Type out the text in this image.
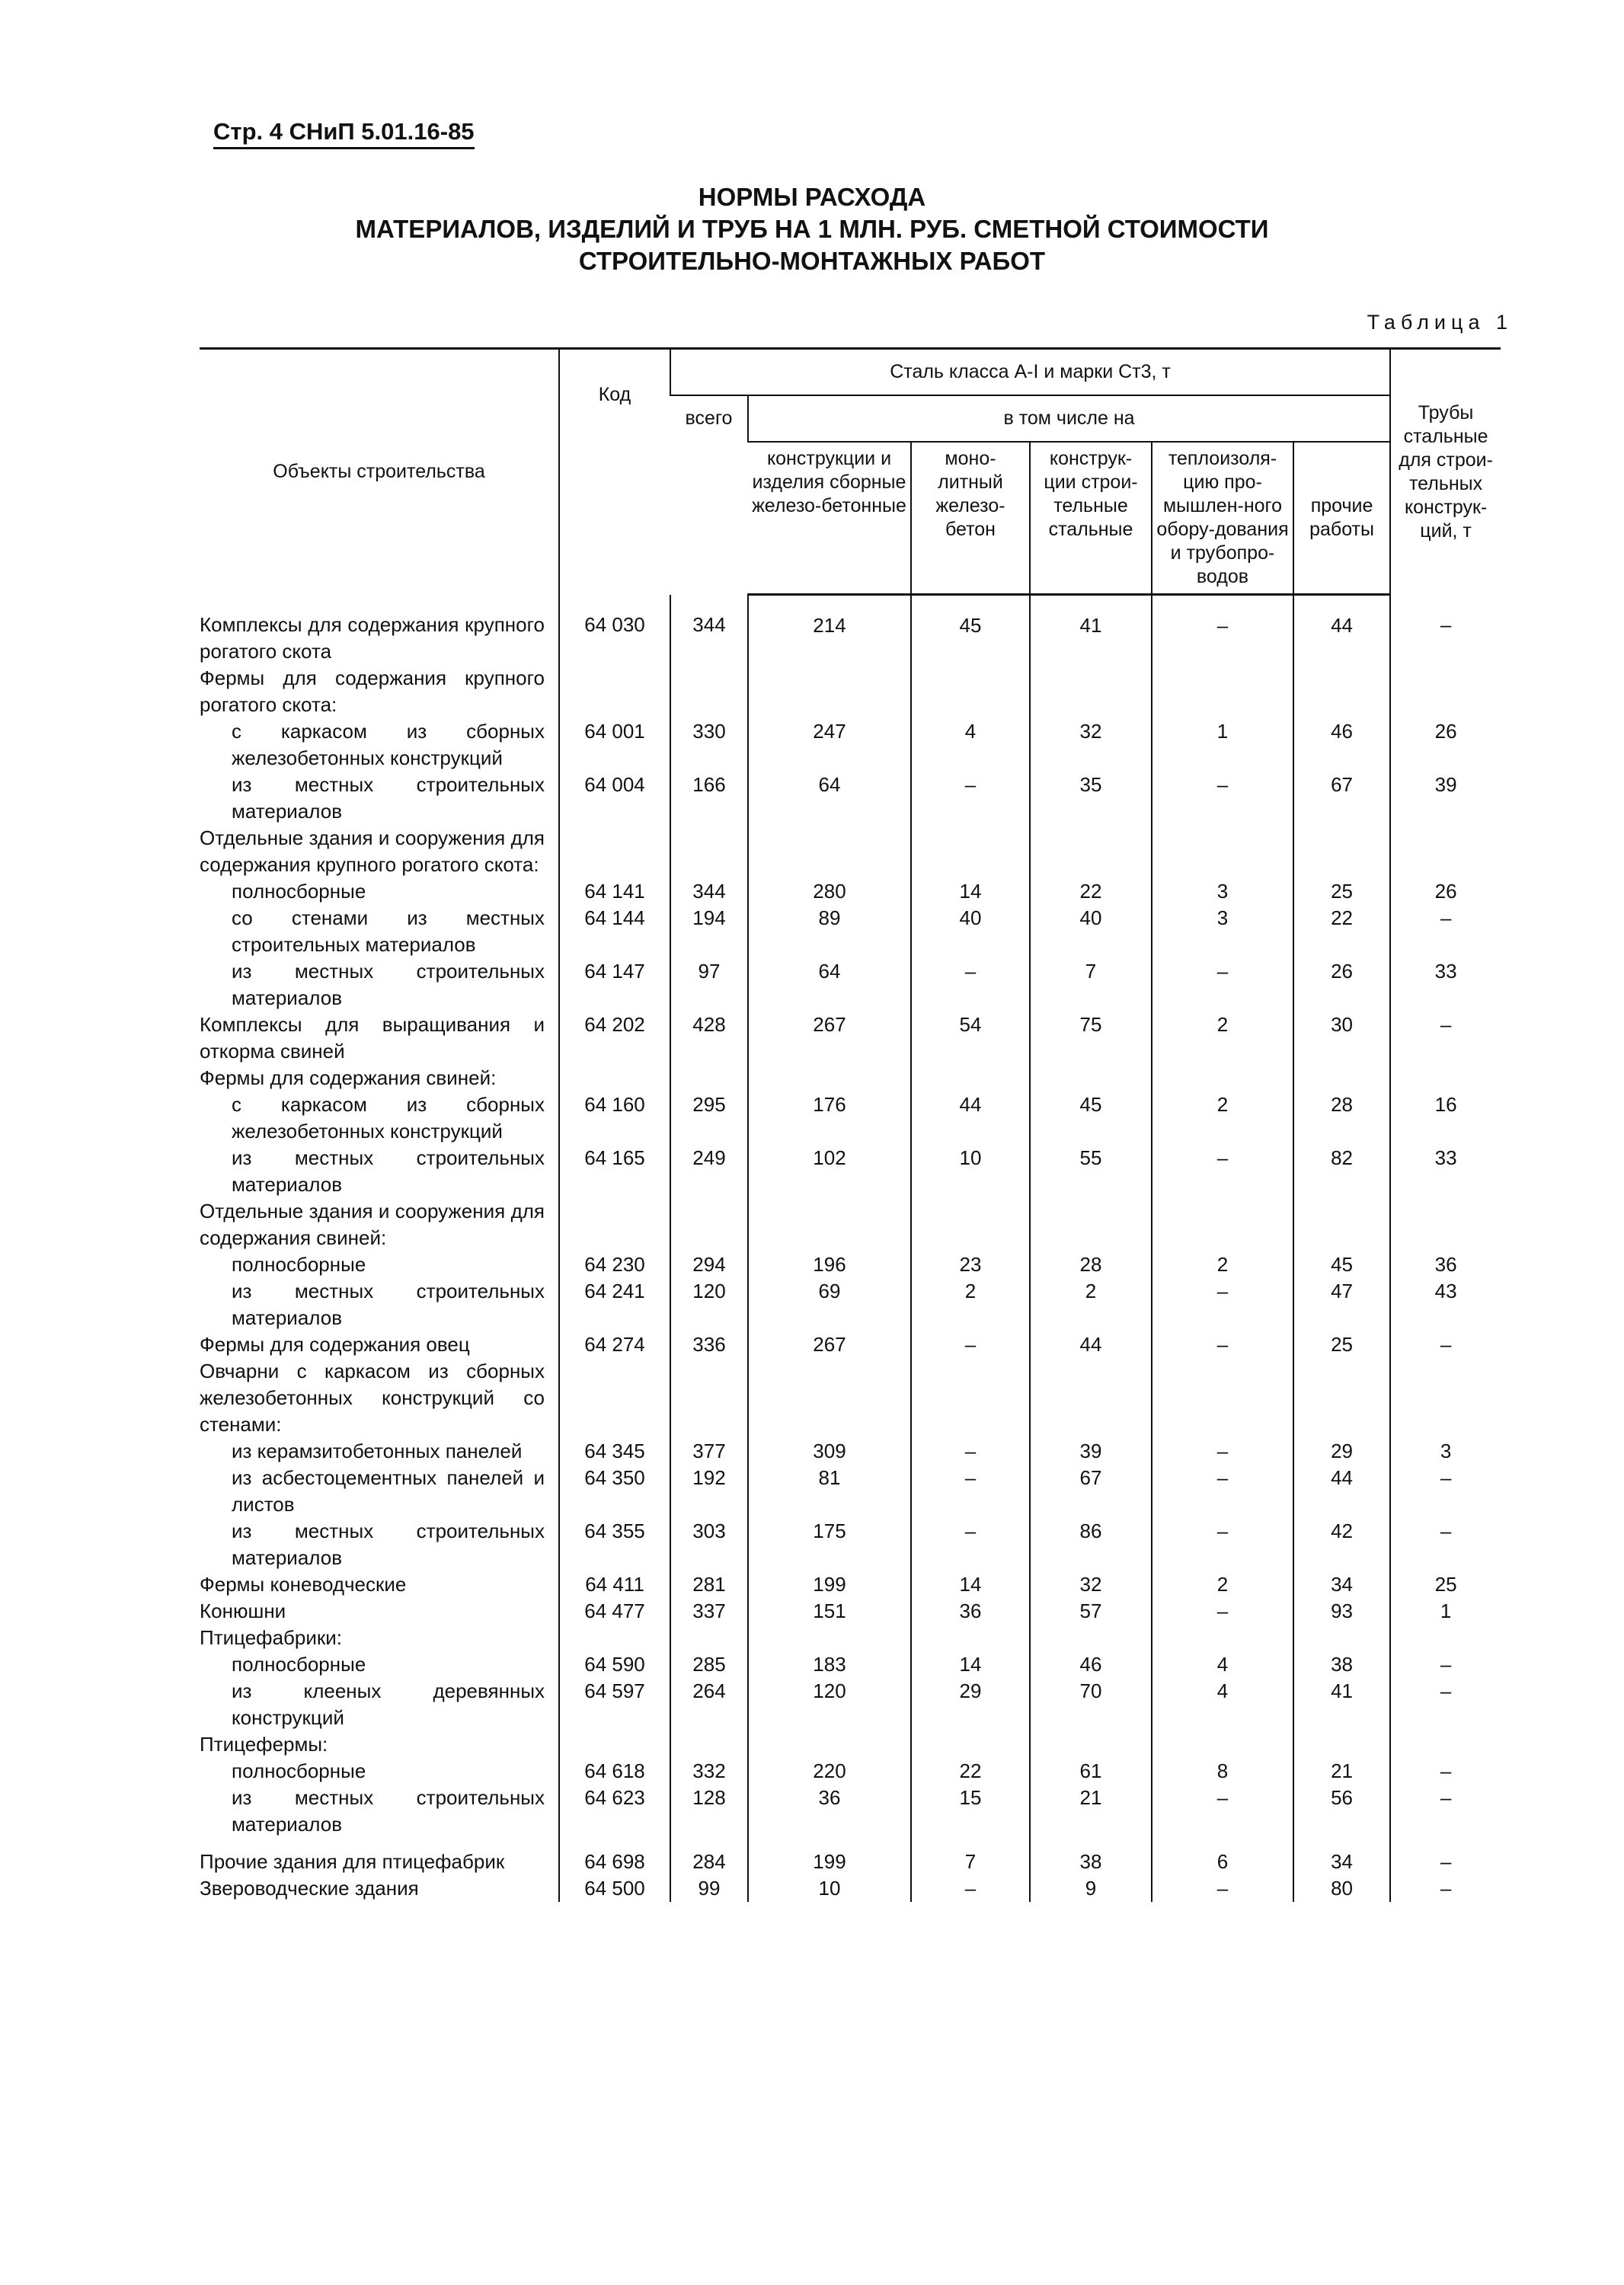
Стр. 4 СНиП 5.01.16-85
НОРМЫ РАСХОДА
МАТЕРИАЛОВ, ИЗДЕЛИЙ И ТРУБ НА 1 МЛН. РУБ. СМЕТНОЙ СТОИМОСТИ
СТРОИТЕЛЬНО-МОНТАЖНЫХ РАБОТ
Таблица 1
Объекты строительства	Код	Сталь класса А-I и марки Ст3, т						Трубы стальные для строи-тельных конструк-ций, т
		всего	в том числе на					
			конструкции и изделия сборные железо-бетонные	моно-литный железо-бетон	конструк-ции строи-тельные стальные	теплоизоля-цию про-мышлен-ного обору-дования и трубопро-водов	прочие работы	
Комплексы для содержания крупного рогатого скота	64 030	344	214	45	41	–	44	–
Фермы для содержания крупного рогатого скота:								
с каркасом из сборных железобетонных конструкций	64 001	330	247	4	32	1	46	26
из местных строительных материалов	64 004	166	64	–	35	–	67	39
Отдельные здания и сооружения для содержания крупного рогатого скота:								
полносборные	64 141	344	280	14	22	3	25	26
со стенами из местных строительных материалов	64 144	194	89	40	40	3	22	–
из местных строительных материалов	64 147	97	64	–	7	–	26	33
Комплексы для выращивания и откорма свиней	64 202	428	267	54	75	2	30	–
Фермы для содержания свиней:								
с каркасом из сборных железобетонных конструкций	64 160	295	176	44	45	2	28	16
из местных строительных материалов	64 165	249	102	10	55	–	82	33
Отдельные здания и сооружения для содержания свиней:								
полносборные	64 230	294	196	23	28	2	45	36
из местных строительных материалов	64 241	120	69	2	2	–	47	43
Фермы для содержания овец	64 274	336	267	–	44	–	25	–
Овчарни с каркасом из сборных железобетонных конструкций со стенами:								
из керамзитобетонных панелей	64 345	377	309	–	39	–	29	3
из асбестоцементных панелей и листов	64 350	192	81	–	67	–	44	–
из местных строительных материалов	64 355	303	175	–	86	–	42	–
Фермы коневодческие	64 411	281	199	14	32	2	34	25
Конюшни	64 477	337	151	36	57	–	93	1
Птицефабрики:								
полносборные	64 590	285	183	14	46	4	38	–
из клееных деревянных конструкций	64 597	264	120	29	70	4	41	–
Птицефермы:								
полносборные	64 618	332	220	22	61	8	21	–
из местных строительных материалов	64 623	128	36	15	21	–	56	–
Прочие здания для птицефабрик	64 698	284	199	7	38	6	34	–
Звероводческие здания	64 500	99	10	–	9	–	80	–
